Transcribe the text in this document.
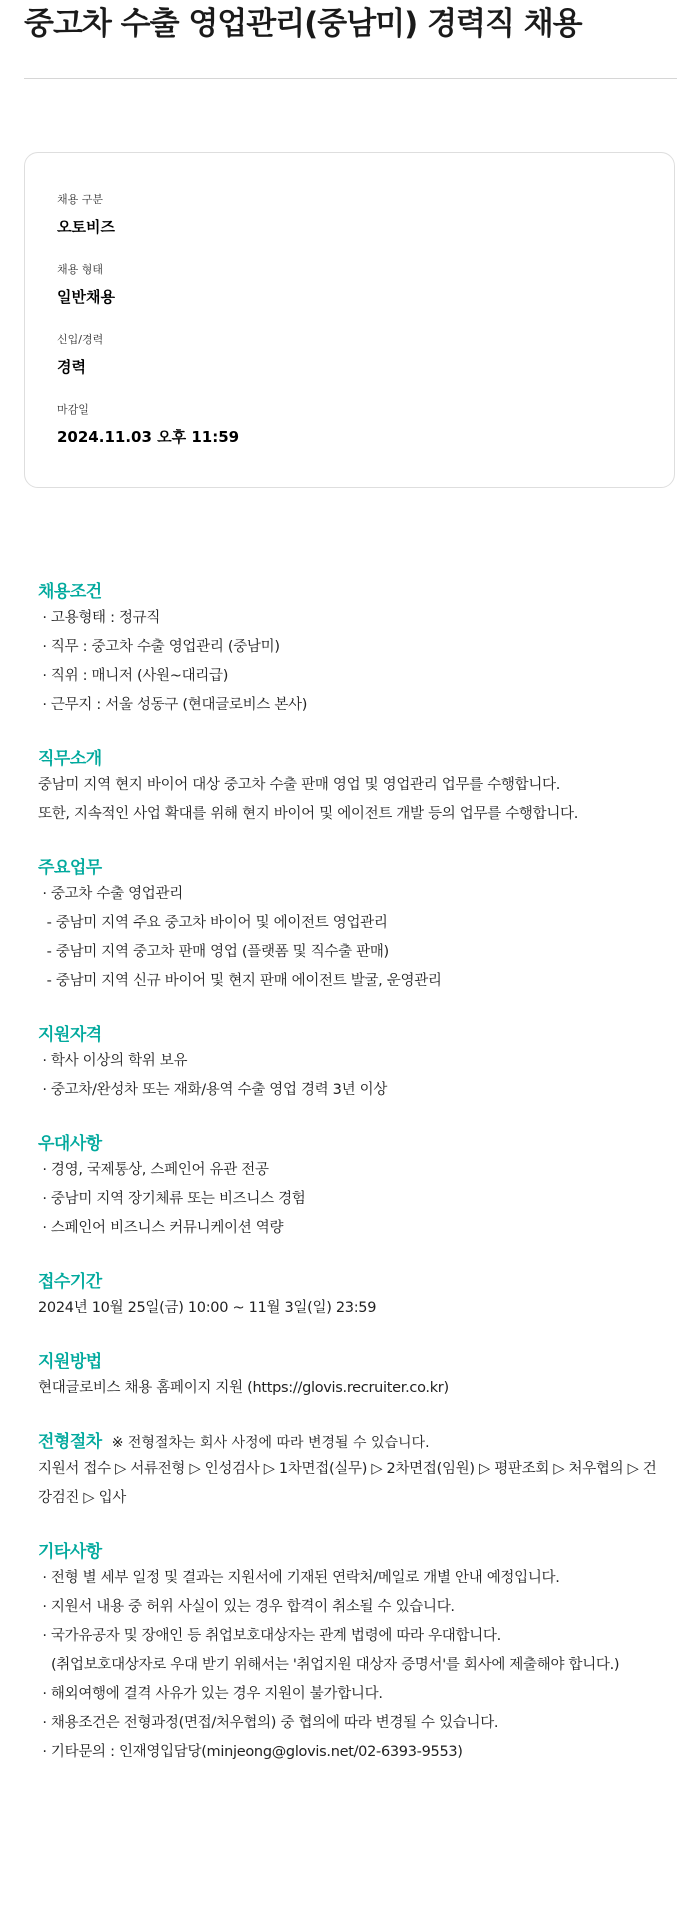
중고차 수출 영업관리(중남미) 경력직 채용
채용 구분
오토비즈
채용 형태
일반채용
신입/경력
경력
마감일
2024.11.03 오후 11:59
채용조건
· 고용형태 : 정규직
· 직무 : 중고차 수출 영업관리 (중남미)
· 직위 : 매니저 (사원~대리급)
· 근무지 : 서울 성동구 (현대글로비스 본사)
직무소개
중남미 지역 현지 바이어 대상 중고차 수출 판매 영업 및 영업관리 업무를 수행합니다.
또한, 지속적인 사업 확대를 위해 현지 바이어 및 에이전트 개발 등의 업무를 수행합니다.
주요업무
· 중고차 수출 영업관리
- 중남미 지역 주요 중고차 바이어 및 에이전트 영업관리
- 중남미 지역 중고차 판매 영업 (플랫폼 및 직수출 판매)
- 중남미 지역 신규 바이어 및 현지 판매 에이전트 발굴, 운영관리
지원자격
· 학사 이상의 학위 보유
· 중고차/완성차 또는 재화/용역 수출 영업 경력 3년 이상
우대사항
· 경영, 국제통상, 스페인어 유관 전공
· 중남미 지역 장기체류 또는 비즈니스 경험
· 스페인어 비즈니스 커뮤니케이션 역량
접수기간
2024년 10월 25일(금) 10:00 ~ 11월 3일(일) 23:59
지원방법
현대글로비스 채용 홈페이지 지원 (https://glovis.recruiter.co.kr)
전형절차 ※ 전형절차는 회사 사정에 따라 변경될 수 있습니다.
지원서 접수 ▷ 서류전형 ▷ 인성검사 ▷ 1차면접(실무) ▷ 2차면접(임원) ▷ 평판조회 ▷ 처우협의 ▷ 건
강검진 ▷ 입사
기타사항
· 전형 별 세부 일정 및 결과는 지원서에 기재된 연락처/메일로 개별 안내 예정입니다.
· 지원서 내용 중 허위 사실이 있는 경우 합격이 취소될 수 있습니다.
· 국가유공자 및 장애인 등 취업보호대상자는 관계 법령에 따라 우대합니다.
(취업보호대상자로 우대 받기 위해서는 '취업지원 대상자 증명서'를 회사에 제출해야 합니다.)
· 해외여행에 결격 사유가 있는 경우 지원이 불가합니다.
· 채용조건은 전형과정(면접/처우협의) 중 협의에 따라 변경될 수 있습니다.
· 기타문의 : 인재영입담당(minjeong@glovis.net/02-6393-9553)
